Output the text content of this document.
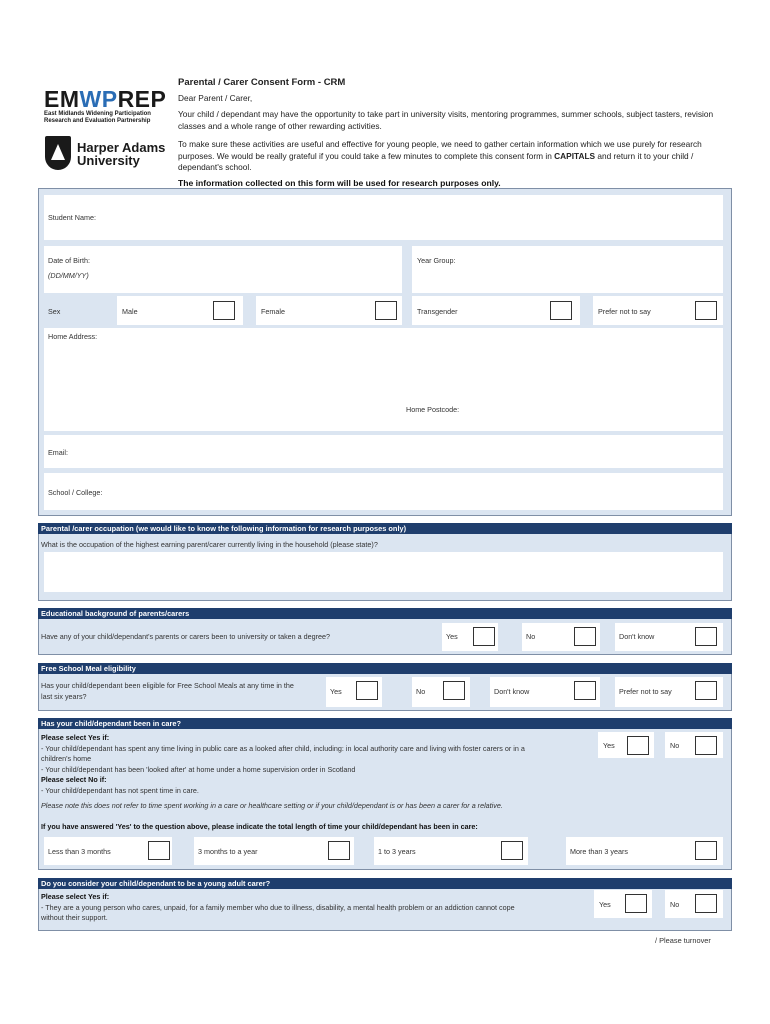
EMWPREP
East Midlands Widening Participation
Research and Evaluation Partnership
Harper Adams
University
Parental / Carer Consent Form - CRM
Dear Parent / Carer,
Your child / dependant may have the opportunity to take part in university visits, mentoring programmes, summer schools, subject tasters, revision classes and a whole range of other rewarding activities.
To make sure these activities are useful and effective for young people, we need to gather certain information which we use purely for research purposes. We would be really grateful if you could take a few minutes to complete this consent form in CAPITALS and return it to your child / dependant's school.
The information collected on this form will be used for research purposes only.
Student Name:
Date of Birth:
(DD/MM/YY)
Year Group:
Sex	Male	Female	Transgender	Prefer not to say
Home Address:
Home Postcode:
Email:
School / College:
Parental /carer occupation (we would like to know the following information for research purposes only)
What is the occupation of the highest earning parent/carer currently living in the household (please state)?
Educational background of parents/carers
Have any of your child/dependant's parents or carers been to university or taken a degree?	Yes	No	Don't know
Free School Meal eligibility
Has your child/dependant been eligible for Free School Meals at any time in the
last six years?	Yes	No	Don't know	Prefer not to say
Has your child/dependant been in care?
Please select Yes if:
- Your child/dependant has spent any time living in public care as a looked after child, including: in local authority care and living with foster carers or in a
children's home
- Your child/dependant has been 'looked after' at home under a home supervision order in Scotland
Please select No if:
- Your child/dependant has not spent time in care.
Please note this does not refer to time spent working in a care or healthcare setting or if your child/dependant is or has been a carer for a relative.
Yes	No
If you have answered 'Yes' to the question above, please indicate the total length of time your child/dependant has been in care:
Less than 3 months	3 months to a year	1 to 3 years	More than 3 years
Do you consider your child/dependant to be a young adult carer?
Please select Yes if:
- They are a young person who cares, unpaid, for a family member who due to illness, disability, a mental health problem or an addiction cannot cope
without their support.
Yes	No
/ Please turnover
